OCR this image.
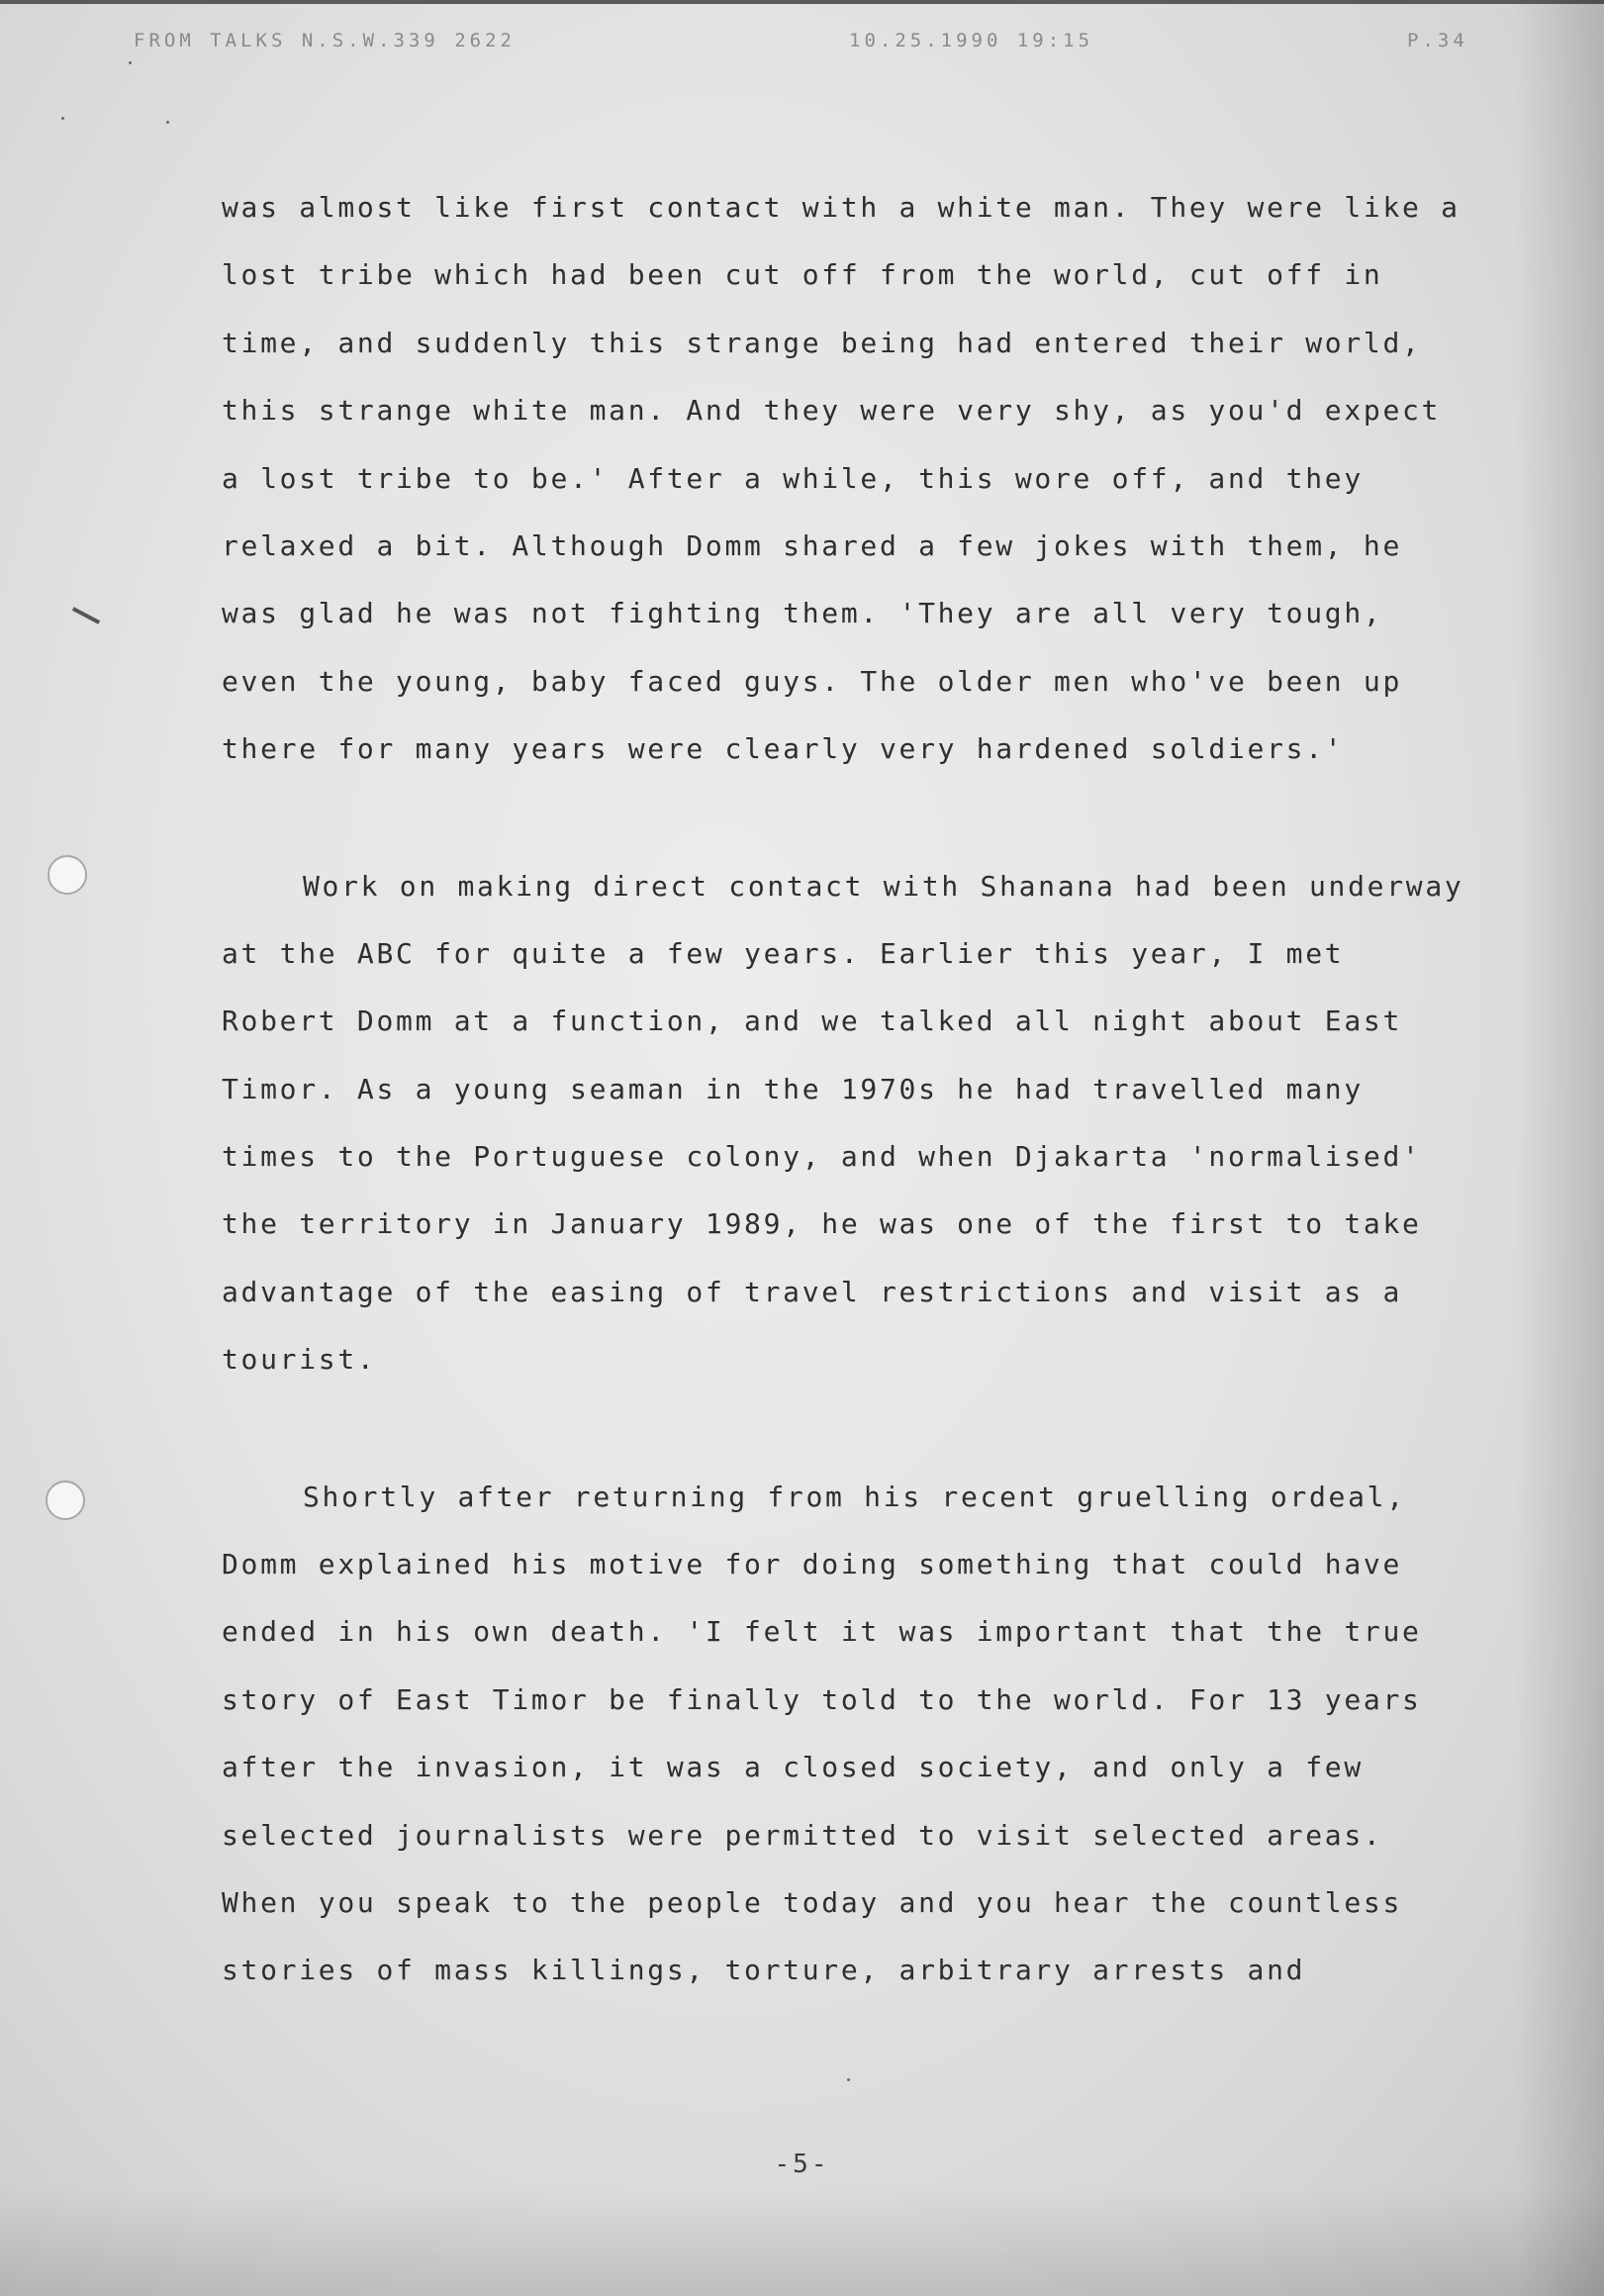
FROM TALKS N.S.W.339 2622	10.25.1990 19:15	P.34
was almost like first contact with a white man. They were like a
lost tribe which had been cut off from the world, cut off in
time, and suddenly this strange being had entered their world,
this strange white man. And they were very shy, as you'd expect
a lost tribe to be.' After a while, this wore off, and they
relaxed a bit. Although Domm shared a few jokes with them, he
was glad he was not fighting them. 'They are all very tough,
even the young, baby faced guys. The older men who've been up
there for many years were clearly very hardened soldiers.'
Work on making direct contact with Shanana had been underway
at the ABC for quite a few years. Earlier this year, I met
Robert Domm at a function, and we talked all night about East
Timor. As a young seaman in the 1970s he had travelled many
times to the Portuguese colony, and when Djakarta 'normalised'
the territory in January 1989, he was one of the first to take
advantage of the easing of travel restrictions and visit as a
tourist.
Shortly after returning from his recent gruelling ordeal,
Domm explained his motive for doing something that could have
ended in his own death. 'I felt it was important that the true
story of East Timor be finally told to the world. For 13 years
after the invasion, it was a closed society, and only a few
selected journalists were permitted to visit selected areas.
When you speak to the people today and you hear the countless
stories of mass killings, torture, arbitrary arrests and
-5-
